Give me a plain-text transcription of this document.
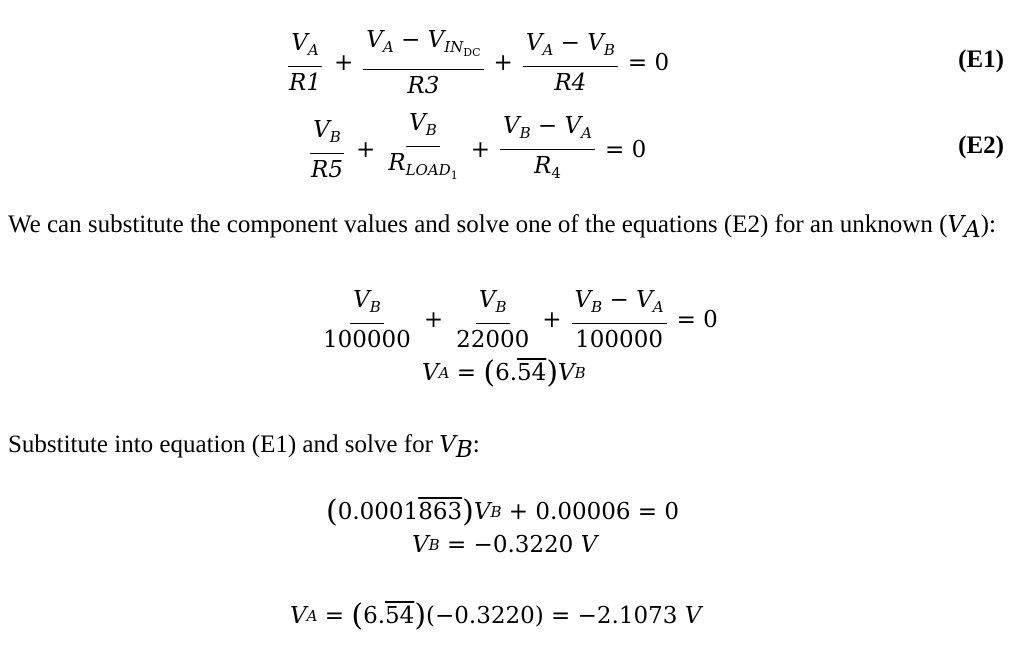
$\frac{V_A}{R1} + \frac{V_A - V_{IN_{DC}}}{R3} + \frac{V_A - V_B}{R4} = 0$	(E1)
$\frac{V_B}{R5} + \frac{V_B}{R_{LOAD_1}} + \frac{V_B - V_A}{R_4} = 0$	(E2)
We can substitute the component values and solve one of the equations (E2) for an unknown $(V_A)$:
$\frac{V_B}{100000} + \frac{V_B}{22000} + \frac{V_B - V_A}{100000} = 0$
V A = ( 6. 54 ) V B
Substitute into equation (E1) and solve for $V_B$:
( 0.0001 863 ) V B + 0.00006 = 0
V B = −0.3220 V
V A = ( 6. 54 ) (−0.3220) = −2.1073 V
